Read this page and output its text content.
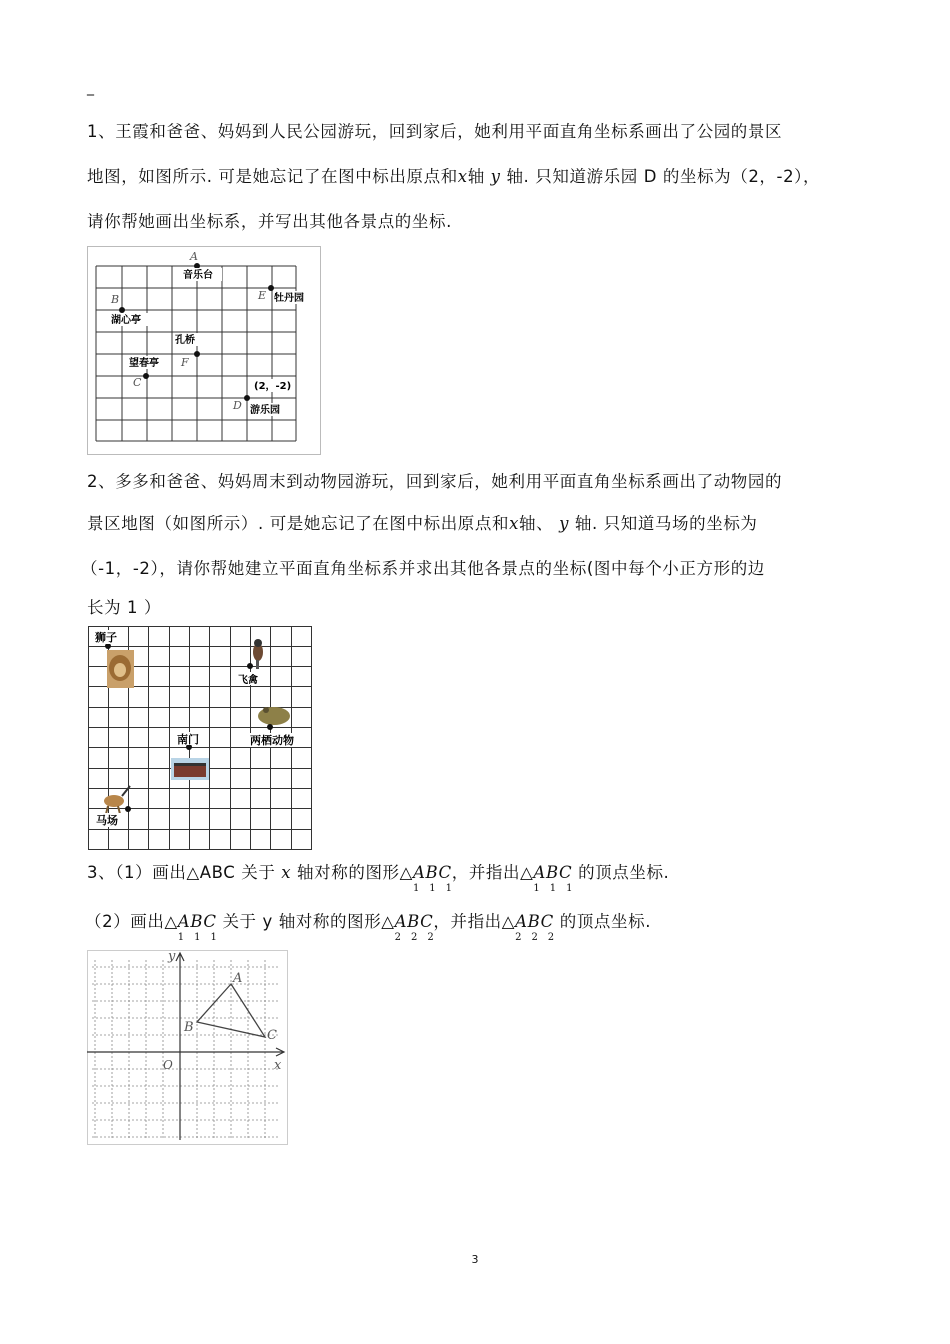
_
1、王霞和爸爸、妈妈到人民公园游玩，回到家后，她利用平面直角坐标系画出了公园的景区
地图，如图所示. 可是她忘记了在图中标出原点和x轴 y 轴. 只知道游乐园 D 的坐标为（2，-2），
请你帮她画出坐标系，并写出其他各景点的坐标.
A
音乐台
E 牡丹园
B
湖心亭
孔桥
F
望春亭
C	(2，-2)
D 游乐园
2、多多和爸爸、妈妈周末到动物园游玩，回到家后，她利用平面直角坐标系画出了动物园的
景区地图（如图所示）. 可是她忘记了在图中标出原点和x轴、 y 轴. 只知道马场的坐标为
（-1，-2），请你帮她建立平面直角坐标系并求出其他各景点的坐标(图中每个小正方形的边
长为 1 ）
狮子
飞禽
南门	两栖动物
马场
3、（1）画出△ABC 关于 x 轴对称的图形△ABC
111
，并指出△ABC
111
的顶点坐标.
（2）画出△ABC
111
关于 y 轴对称的图形△ABC
222
，并指出△ABC
222
的顶点坐标.
A
B
C
O	x
y
3
